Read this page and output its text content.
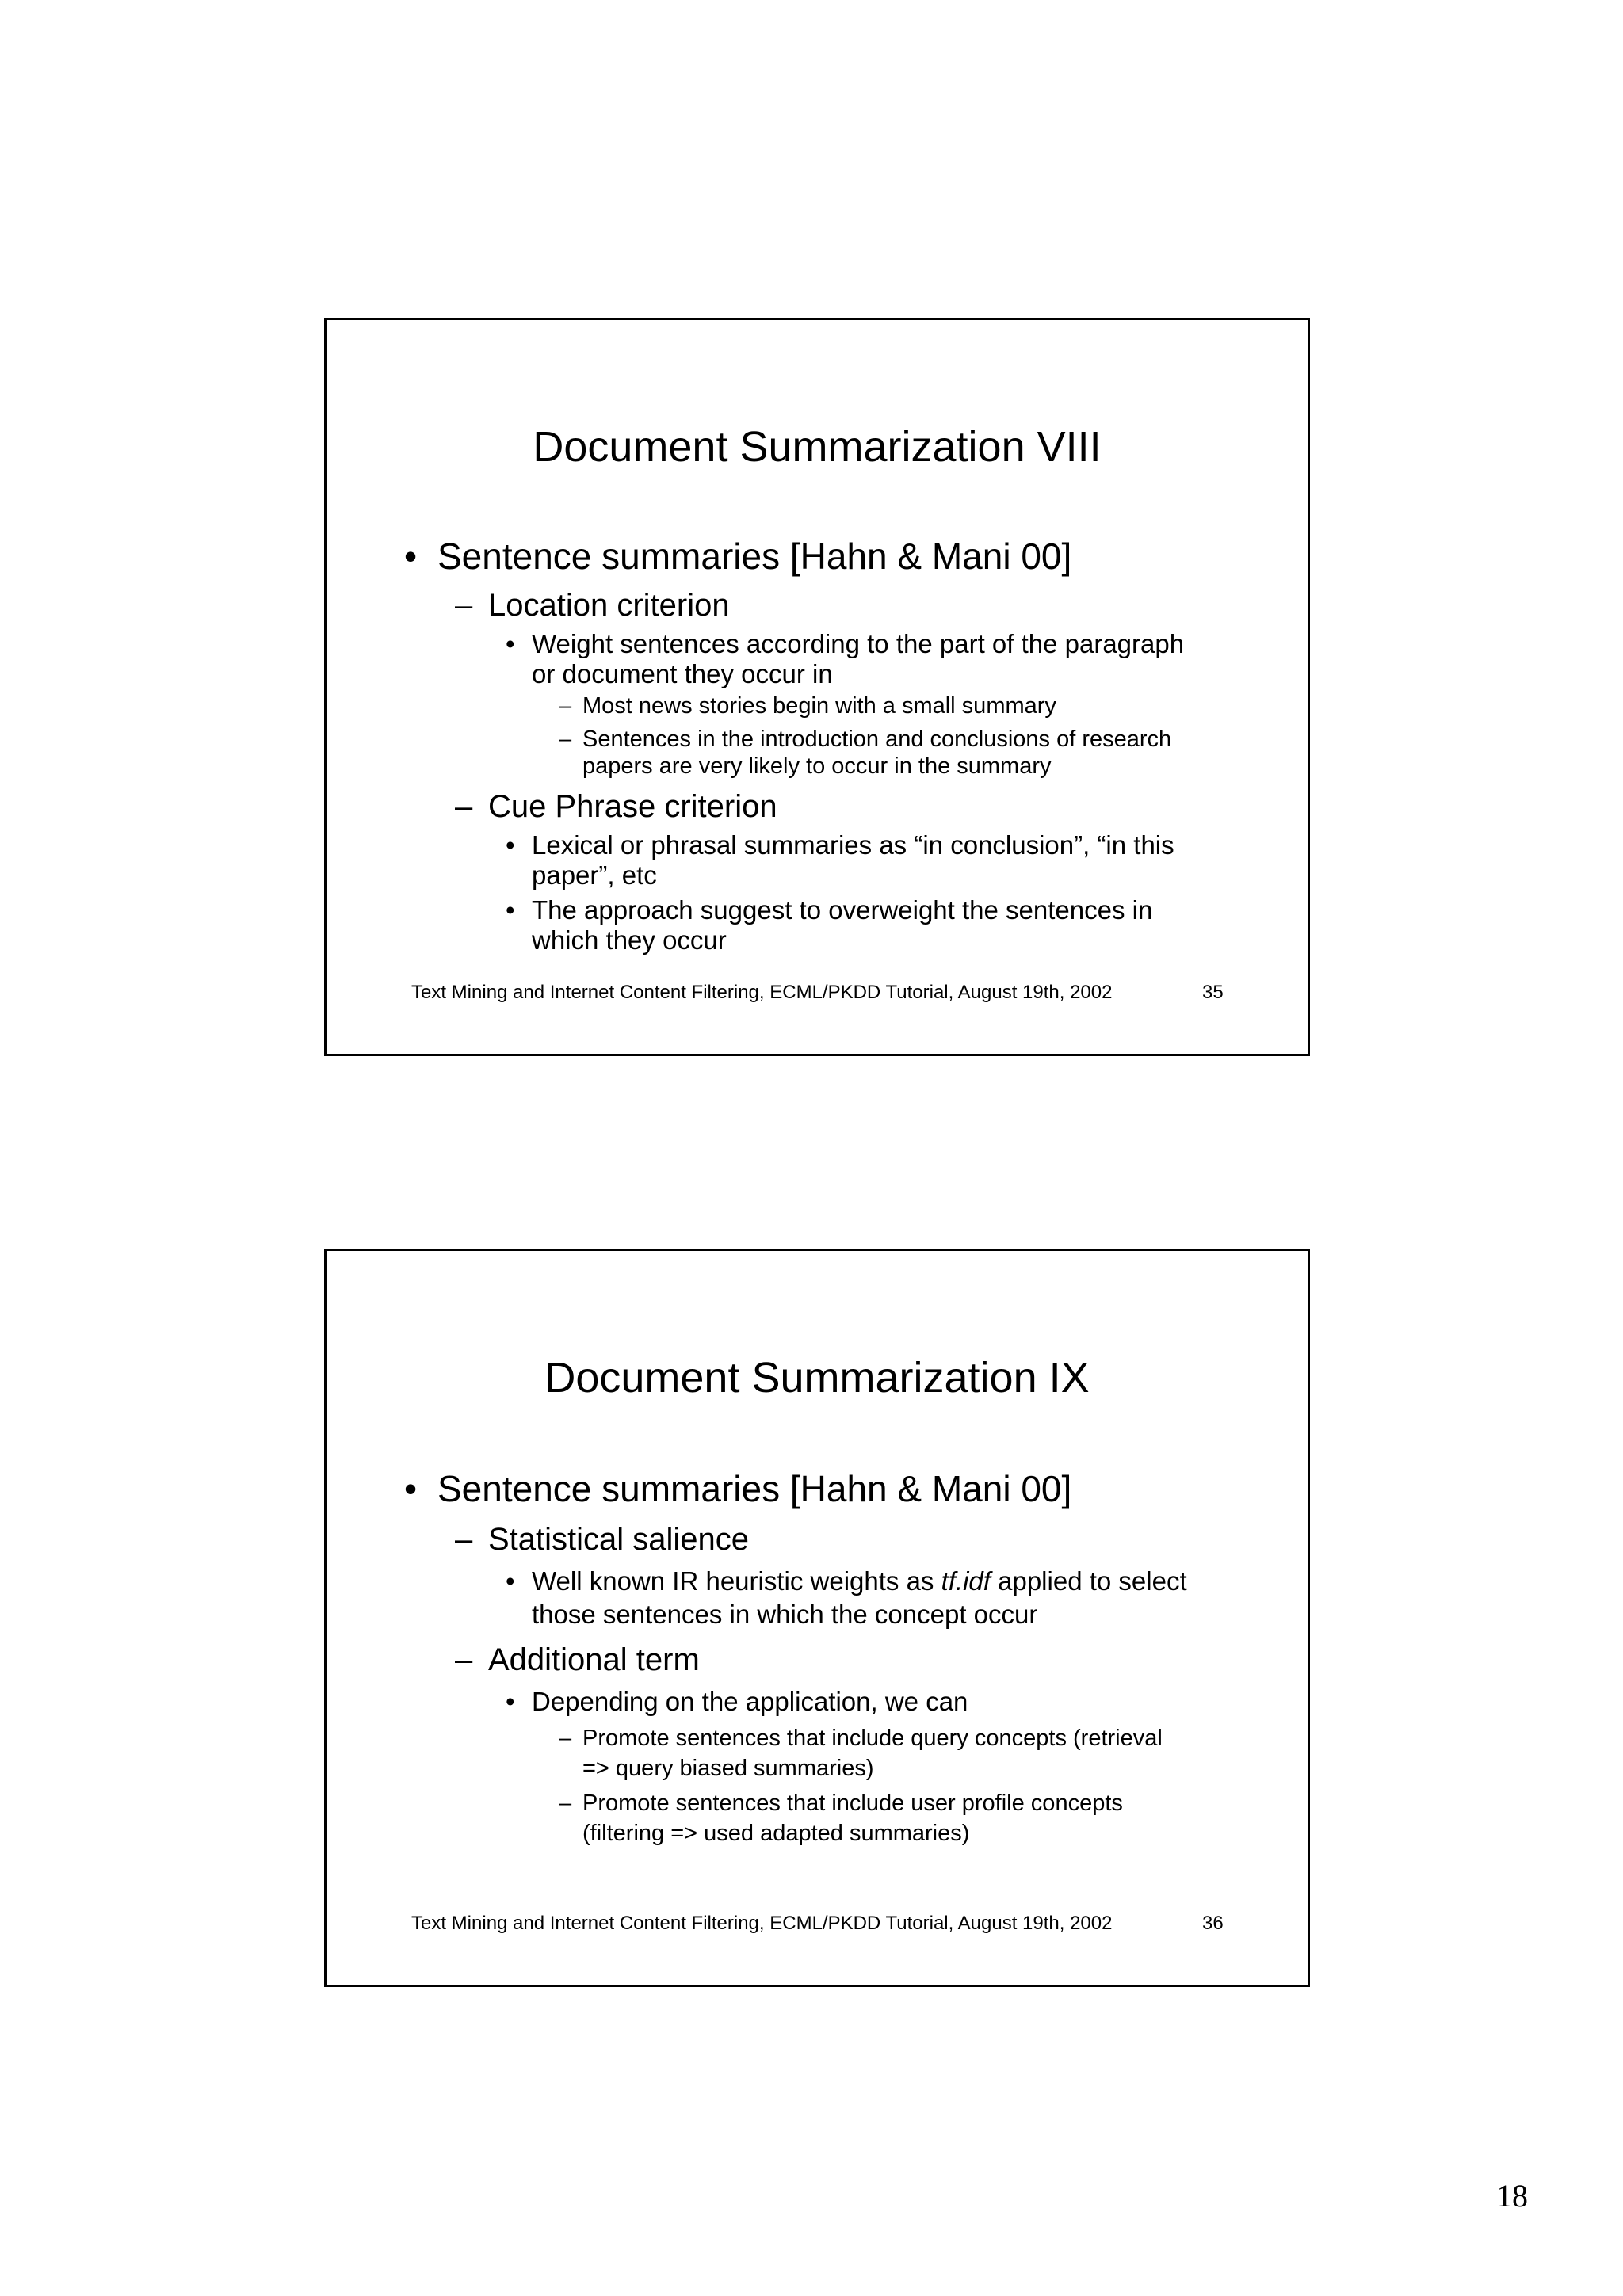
Document Summarization VIII
• Sentence summaries [Hahn & Mani 00]
– Location criterion
• Weight sentences according to the part of the paragraph
or document they occur in
– Most news stories begin with a small summary
– Sentences in the introduction and conclusions of research
papers are very likely to occur in the summary
– Cue Phrase criterion
• Lexical or phrasal summaries as “in conclusion”, “in this
paper”, etc
• The approach suggest to overweight the sentences in
which they occur
Text Mining and Internet Content Filtering, ECML/PKDD Tutorial, August 19th, 2002	35
Document Summarization IX
• Sentence summaries [Hahn & Mani 00]
– Statistical salience
• Well known IR heuristic weights as tf.idf applied to select
those sentences in which the concept occur
– Additional term
• Depending on the application, we can
– Promote sentences that include query concepts (retrieval
=> query biased summaries)
– Promote sentences that include user profile concepts
(filtering => used adapted summaries)
Text Mining and Internet Content Filtering, ECML/PKDD Tutorial, August 19th, 2002	36
18
